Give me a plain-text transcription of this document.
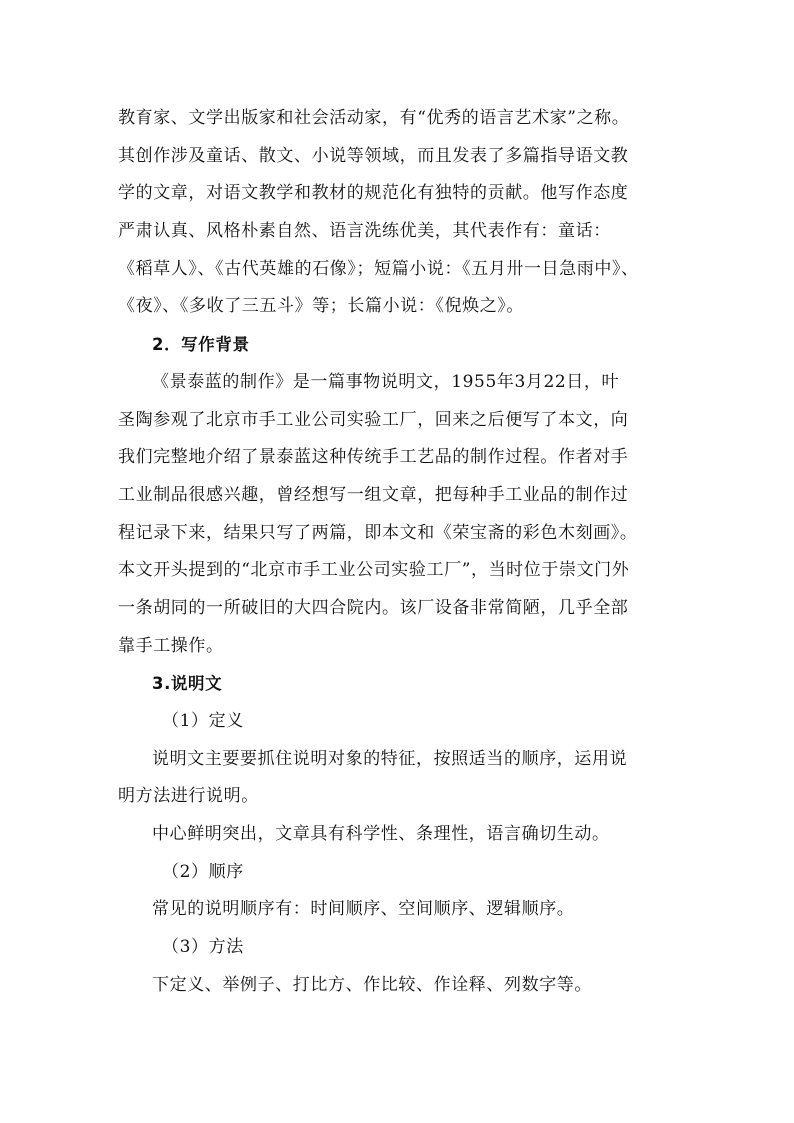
教育家、文学出版家和社会活动家，有“优秀的语言艺术家”之称。
其创作涉及童话、散文、小说等领域，而且发表了多篇指导语文教
学的文章，对语文教学和教材的规范化有独特的贡献。他写作态度
严肃认真、风格朴素自然、语言洗练优美，其代表作有：童话：
《稻草人》、《古代英雄的石像》；短篇小说：《五月卅一日急雨中》、
《夜》、《多收了三五斗》等；长篇小说：《倪焕之》。
2．写作背景
《景泰蓝的制作》是一篇事物说明文，1955年3月22日，叶
圣陶参观了北京市手工业公司实验工厂，回来之后便写了本文，向
我们完整地介绍了景泰蓝这种传统手工艺品的制作过程。作者对手
工业制品很感兴趣，曾经想写一组文章，把每种手工业品的制作过
程记录下来，结果只写了两篇，即本文和《荣宝斋的彩色木刻画》。
本文开头提到的“北京市手工业公司实验工厂”，当时位于崇文门外
一条胡同的一所破旧的大四合院内。该厂设备非常简陋，几乎全部
靠手工操作。
3.说明文
（1）定义
说明文主要要抓住说明对象的特征，按照适当的顺序，运用说
明方法进行说明。
中心鲜明突出，文章具有科学性、条理性，语言确切生动。
（2）顺序
常见的说明顺序有：时间顺序、空间顺序、逻辑顺序。
（3）方法
下定义、举例子、打比方、作比较、作诠释、列数字等。
